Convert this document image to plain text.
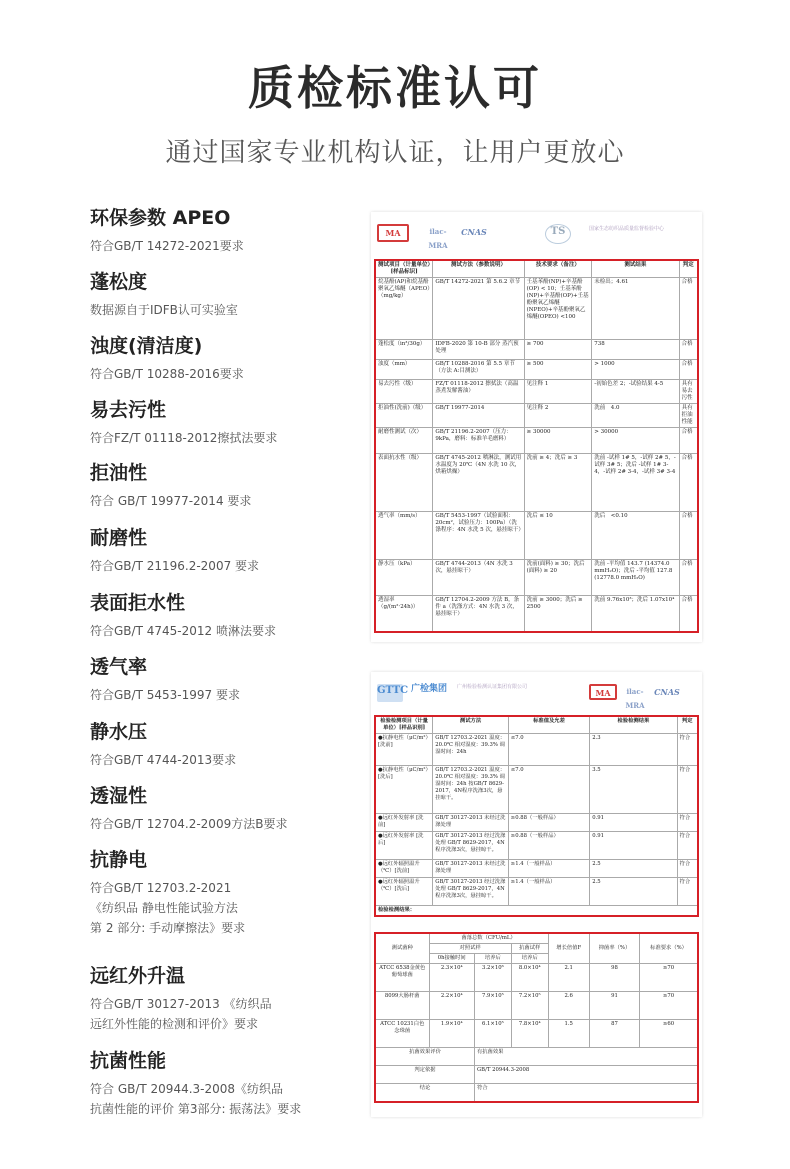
质检标准认可
通过国家专业机构认证，让用户更放心
环保参数 APEO
符合GB/T 14272-2021要求
蓬松度
数据源自于IDFB认可实验室
浊度(清洁度)
符合GB/T 10288-2016要求
易去污性
符合FZ/T 01118-2012擦拭法要求
拒油性
符合 GB/T 19977-2014 要求
耐磨性
符合GB/T 21196.2-2007 要求
表面拒水性
符合GB/T 4745-2012 喷淋法要求
透气率
符合GB/T 5453-1997 要求
静水压
符合GB/T 4744-2013要求
透湿性
符合GB/T 12704.2-2009方法B要求
抗静电
符合GB/T 12703.2-2021
《纺织品 静电性能试验方法
第 2 部分: 手动摩擦法》要求
远红外升温
符合GB/T 30127-2013 《纺织品
远红外性能的检测和评价》要求
抗菌性能
符合 GB/T 20944.3-2008《纺织品
抗菌性能的评价 第3部分: 振荡法》要求
MA	ilac-MRA
CNAS	TS	国家生态纺织品质量监督检验中心
测试项目（计量单位）[样品标识]	测试方法（参数说明）	技术要求（备注）	测试结果	判定
烷基酚(AP)和烷基酚聚氧乙烯醚（APEO）（mg/kg）	GB/T 14272-2021 第 5.6.2 章节	壬基苯酚(NP)+辛基酚(OP) < 10；壬基苯酚(NP)+辛基酚(OP)+壬基酚聚氧乙烯醚(NPEO)+辛基酚聚氧乙烯醚(OPEO) <100	未检出；4.61	合格
蓬松度（in³/30g）	IDFB-2020 第 10-B 部分 蒸汽预处理	≥ 700	738	合格
浊度（mm）	GB/T 10288-2016 第 5.5 章节（方法 A:目测法）	≥ 500	> 1000	合格
易去污性（级）	FZ/T 01118-2012 擦拭法（高温蒸煮发解酱油）	见注释 1	-初始色差 2；-试验结果 4-5	具有易去污性
拒油性(洗前)（级）	GB/T 19977-2014	见注释 2	洗前　4.0	具有拒油性能
耐磨性测试（次）	GB/T 21196.2-2007（压力：9kPa，磨料：标准羊毛磨料）	≥ 30000	> 30000	合格
表面抗水性（级）	GB/T 4745-2012 喷淋法，测试用水温度为 20℃（4N 水洗 10 次，烘箱烘燥）	洗前 ≥ 4；洗后 ≥ 3	洗前 -试样 1# 5，-试样 2# 5，-试样 3# 5；洗后 -试样 1# 3-4，-试样 2# 3-4，-试样 3# 3-4	合格
透气率（mm/s）	GB/T 5453-1997（试验面积：20cm²，试验压力：100Pa）（洗涤程序：4N 水洗 5 次，悬挂晾干）	洗后 ≤ 10	洗后　<0.10	合格
静水压（kPa）	GB/T 4744-2013（4N 水洗 3 次，悬挂晾干）	洗前(面料) ≥ 30；洗后(面料) ≥ 20	洗前 -平均值 143.7 (14374.0 mmH₂O)；洗后 -平均值 127.8 (12778.0 mmH₂O)	合格
透湿率（g/(m²·24h)）	GB/T 12704.2-2009 方法 B，条件 a（洗涤方式：4N 水洗 3 次，悬挂晾干）	洗前 ≥ 3000；洗后 ≥ 2500	洗前 9.76x10³；洗后 1.07x10⁴	合格
GTTC 广检集团	广州检验检测认证集团有限公司
MA	ilac-MRA
CNAS
检验检测项目（计量单位）[样品识别]	测试方法	标准值及允差	检验检测结果	判定
●抗静电性（μC/m²）[洗前]	GB/T 12703.2-2021 温度：20.0℃ 相对湿度：39.3% 调湿时间：24h	≤7.0	2.3	符合
●抗静电性（μC/m²）[洗后]	GB/T 12703.2-2021 温度：20.0℃ 相对湿度：39.3% 调湿时间：24h 按GB/T 8629-2017，4N程序洗涤3次，悬挂晾干。	≤7.0	3.5	符合
●远红外发射率 [洗前]	GB/T 30127-2013 未经过洗涤处理	≥0.88（一般样品）	0.91	符合
●远红外发射率 [洗后]	GB/T 30127-2013 经过洗涤处理 GB/T 8629-2017，4N程序洗涤3次，悬挂晾干。	≥0.88（一般样品）	0.91	符合
●远红外辐照温升（℃）[洗前]	GB/T 30127-2013 未经过洗涤处理	≥1.4（一般样品）	2.5	符合
●远红外辐照温升（℃）[洗后]	GB/T 30127-2013 经过洗涤处理 GB/T 8629-2017，4N程序洗涤3次，悬挂晾干。	≥1.4（一般样品）	2.5	符合
检验检测结果：				
测试菌种	菌落总数（CFU/mL）			增长倍值F	抑菌率（%）	标准要求（%）
	对照试样		抗菌试样			
	0h接触时间	培养后	培养后			
ATCC 6538金黄色葡萄球菌	2.3×10⁴	3.2×10⁶	8.0×10⁴	2.1	98	≥70
8099大肠杆菌	2.2×10⁴	7.9×10⁵	7.2×10⁵	2.6	91	≥70
ATCC 10231白色念珠菌	1.9×10⁴	6.1×10⁵	7.8×10⁴	1.5	87	≥60
抗菌效果评价		有抗菌效果				
判定依据		GB/T 20944.3-2008				
结论		符合				
